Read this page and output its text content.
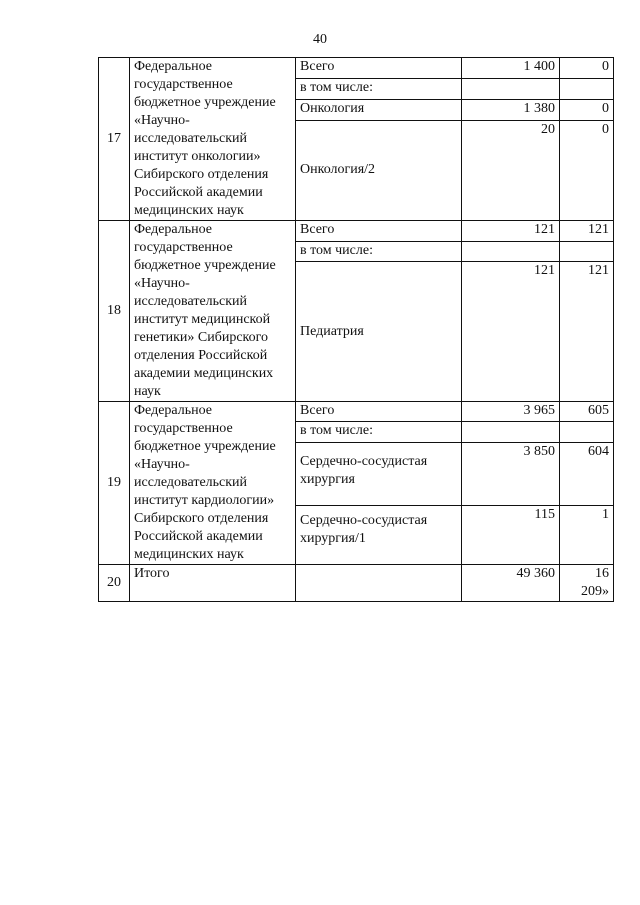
40
17	Федеральное государственное бюджетное учреждение «Научно-исследовательский институт онкологии» Сибирского отделения Российской академии медицинских наук	Всего	1 400	0
		в том числе:		
		Онкология	1 380	0
		Онкология/2	20	0
18	Федеральное государственное бюджетное учреждение «Научно-исследовательский институт медицинской генетики» Сибирского отделения Российской академии медицинских наук	Всего	121	121
		в том числе:		
		Педиатрия	121	121
19	Федеральное государственное бюджетное учреждение «Научно-исследовательский институт кардиологии» Сибирского отделения Российской академии медицинских наук	Всего	3 965	605
		в том числе:		
		Сердечно-сосудистая хирургия	3 850	604
		Сердечно-сосудистая хирургия/1	115	1
20	Итого		49 360	16 209»
